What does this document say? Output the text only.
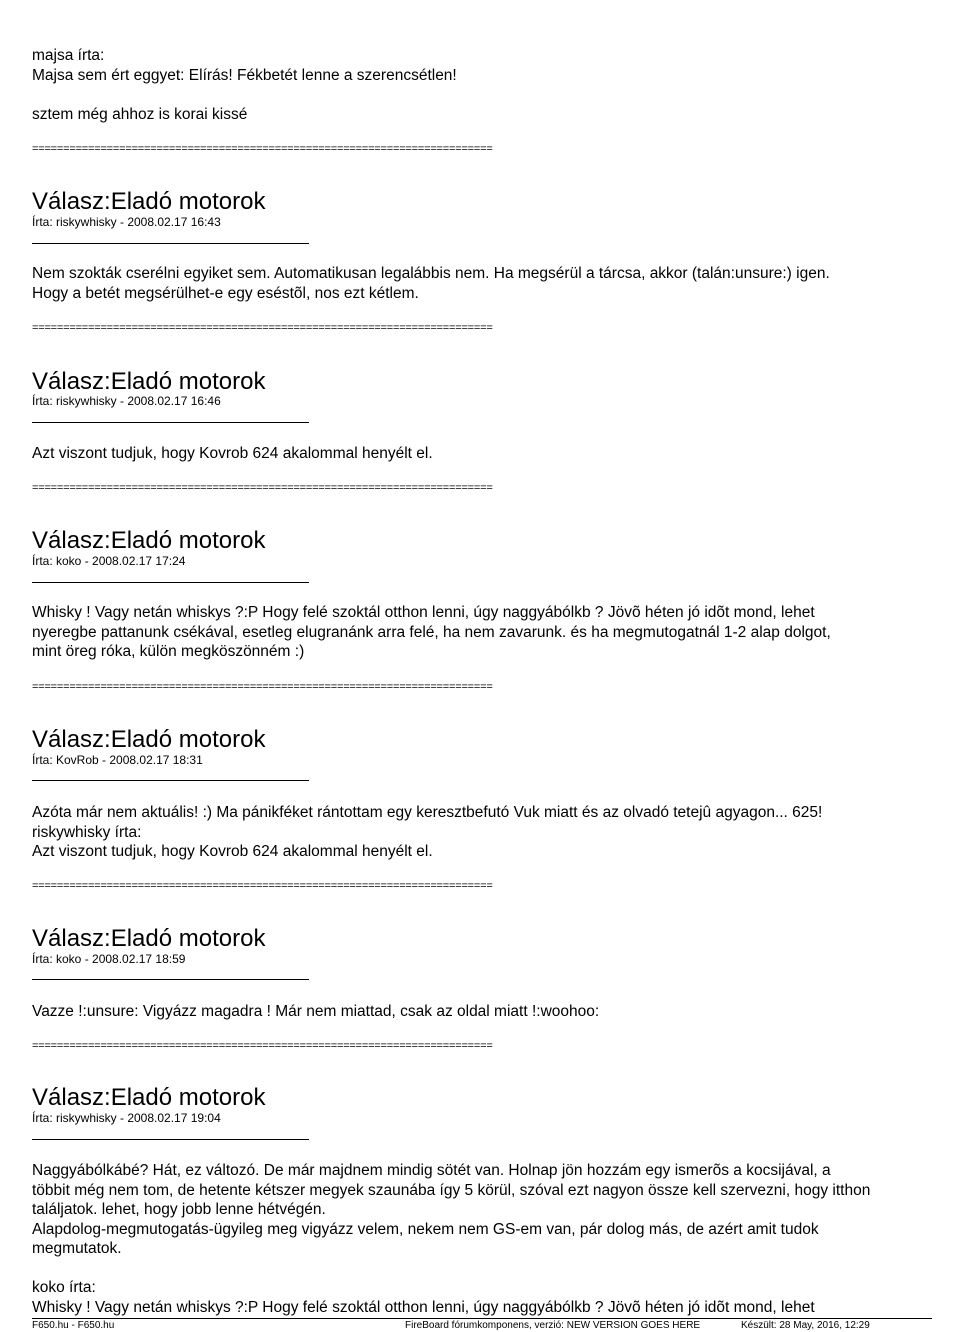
majsa írta:
Majsa sem ért eggyet: Elírás! Fékbetét lenne a szerencsétlen!
sztem még ahhoz is korai kissé
==========================================================================
Válasz:Eladó motorok
Írta: riskywhisky - 2008.02.17 16:43
Nem szokták cserélni egyiket sem. Automatikusan legalábbis nem. Ha megsérül a tárcsa, akkor (talán:unsure:) igen.
Hogy a betét megsérülhet-e egy eséstõl, nos ezt kétlem.
==========================================================================
Válasz:Eladó motorok
Írta: riskywhisky - 2008.02.17 16:46
Azt viszont tudjuk, hogy Kovrob 624 akalommal henyélt el.
==========================================================================
Válasz:Eladó motorok
Írta: koko - 2008.02.17 17:24
Whisky ! Vagy netán whiskys ?:P Hogy felé szoktál otthon lenni, úgy naggyábólkb ? Jövõ héten jó idõt mond, lehet
nyeregbe pattanunk csékával, esetleg elugranánk arra felé, ha nem zavarunk. és ha megmutogatnál 1-2 alap dolgot,
mint öreg róka, külön megköszönném :)
==========================================================================
Válasz:Eladó motorok
Írta: KovRob - 2008.02.17 18:31
Azóta már nem aktuális! :) Ma pánikféket rántottam egy keresztbefutó Vuk miatt és az olvadó tetejû agyagon... 625!
riskywhisky írta:
Azt viszont tudjuk, hogy Kovrob 624 akalommal henyélt el.
==========================================================================
Válasz:Eladó motorok
Írta: koko - 2008.02.17 18:59
Vazze !:unsure: Vigyázz magadra ! Már nem miattad, csak az oldal miatt !:woohoo:
==========================================================================
Válasz:Eladó motorok
Írta: riskywhisky - 2008.02.17 19:04
Naggyábólkábé? Hát, ez változó. De már majdnem mindig sötét van. Holnap jön hozzám egy ismerõs a kocsijával, a
többit még nem tom, de hetente kétszer megyek szaunába így 5 körül, szóval ezt nagyon össze kell szervezni, hogy itthon
találjatok. lehet, hogy jobb lenne hétvégén.
Alapdolog-megmutogatás-ügyileg meg vigyázz velem, nekem nem GS-em van, pár dolog más, de azért amit tudok
megmutatok.
koko írta:
Whisky ! Vagy netán whiskys ?:P Hogy felé szoktál otthon lenni, úgy naggyábólkb ? Jövõ héten jó idõt mond, lehet
F650.hu - F650.hu	FireBoard fórumkomponens, verzió: NEW VERSION GOES HERE	Készült: 28 May, 2016, 12:29
